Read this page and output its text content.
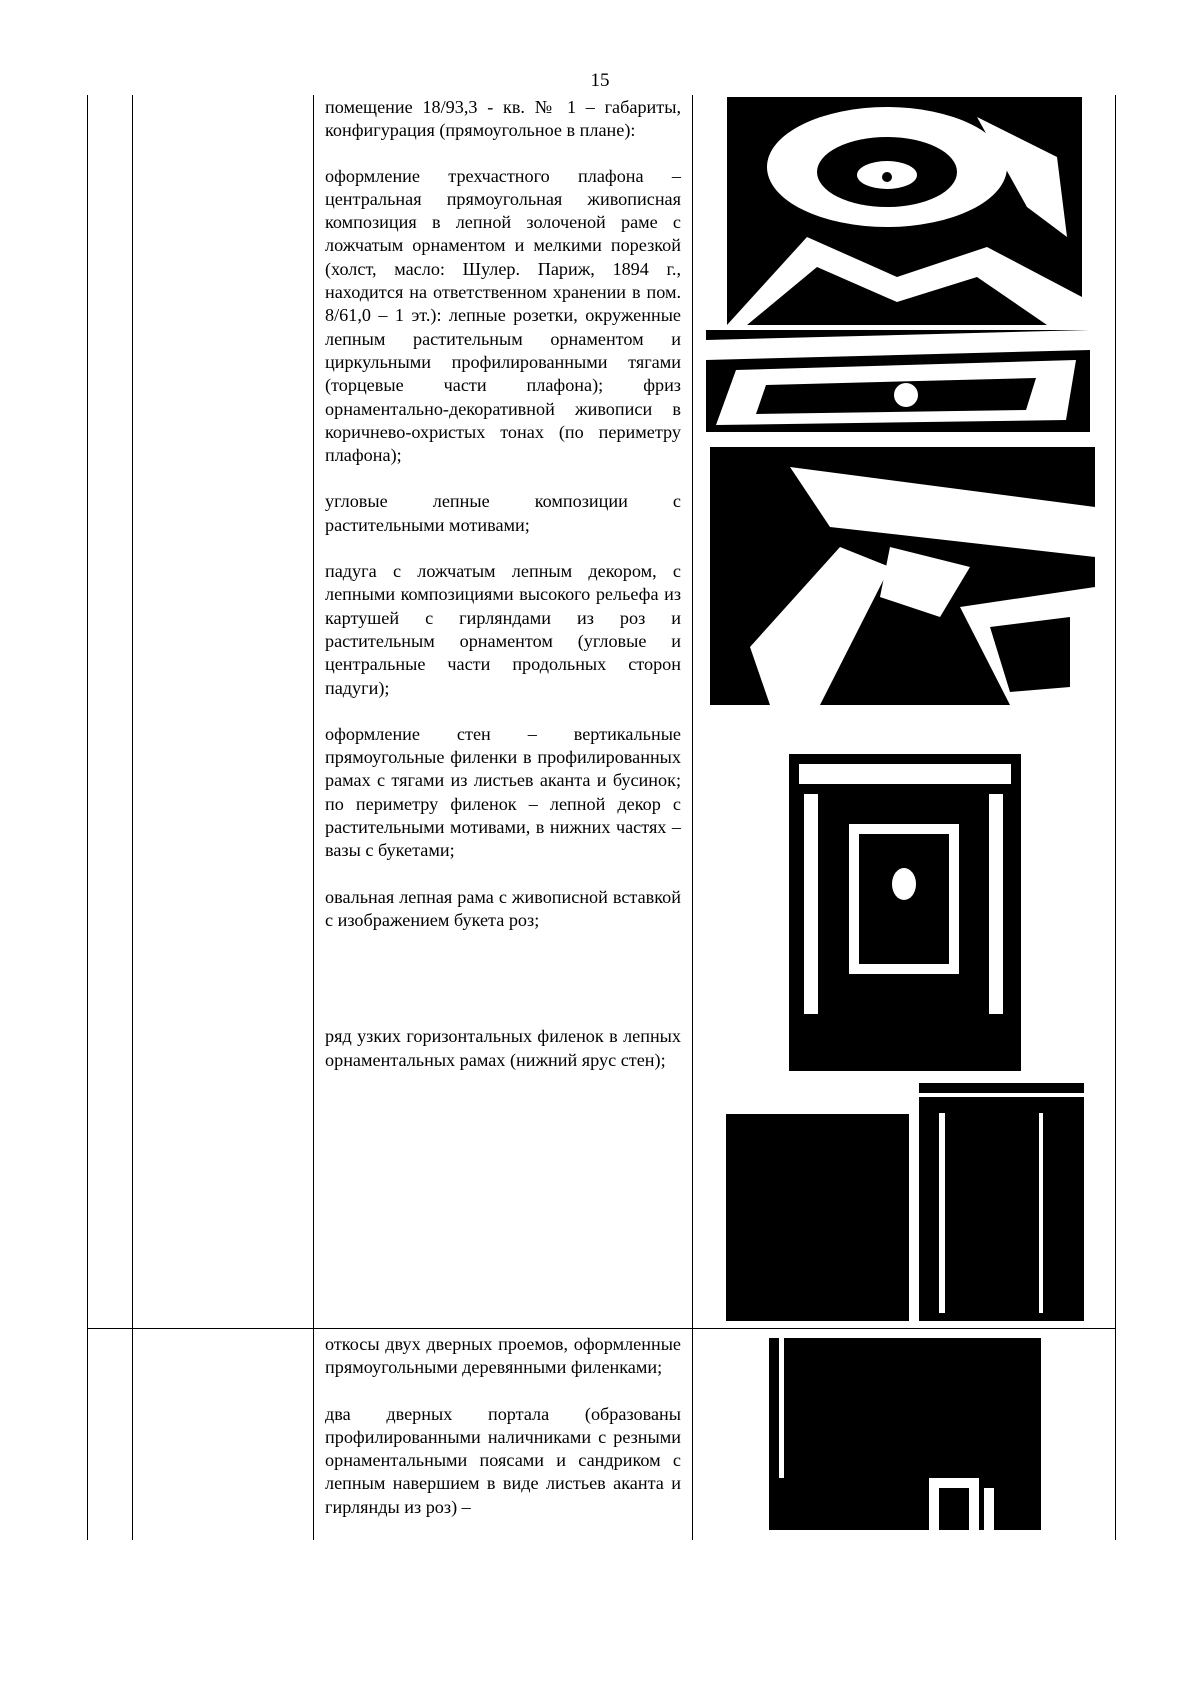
15

помещение 18/93,3 - кв. № 1 – габариты, конфигурация (прямоугольное в плане):

оформление трехчастного плафона – центральная прямоугольная живописная композиция в лепной золоченой раме с ложчатым орнаментом и мелкими порезкой (холст, масло: Шулер. Париж, 1894 г., находится на ответственном хранении в пом. 8/61,0 – 1 эт.): лепные розетки, окруженные лепным растительным орнаментом и циркульными профилированными тягами (торцевые части плафона); фриз орнаментально-декоративной живописи в коричнево-охристых тонах (по периметру плафона);

угловые лепные композиции с растительными мотивами;

падуга с ложчатым лепным декором, с лепными композициями высокого рельефа из картушей с гирляндами из роз и растительным орнаментом (угловые и центральные части продольных сторон падуги);

оформление стен – вертикальные прямоугольные филенки в профилированных рамах с тягами из листьев аканта и бусинок; по периметру филенок – лепной декор с растительными мотивами, в нижних частях – вазы с букетами;

овальная лепная рама с живописной вставкой с изображением букета роз;

ряд узких горизонтальных филенок в лепных орнаментальных рамах (нижний ярус стен);

откосы двух дверных проемов, оформленные прямоугольными деревянными филенками;

два дверных портала (образованы профилированными наличниками с резными орнаментальными поясами и сандриком с лепным навершием в виде листьев аканта и гирлянды из роз) –
